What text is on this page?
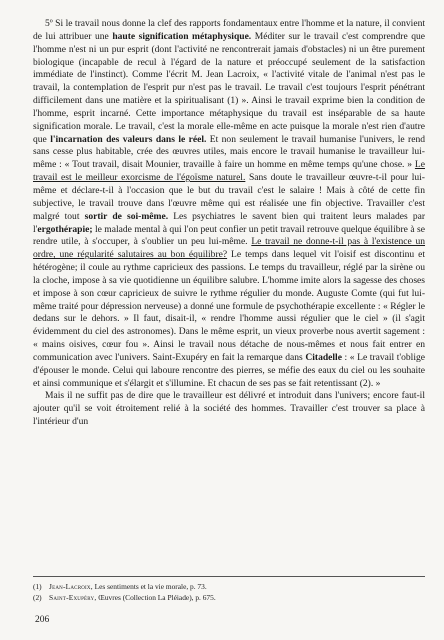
5º Si le travail nous donne la clef des rapports fondamentaux entre l'homme et la nature, il convient de lui attribuer une haute signification métaphysique. Méditer sur le travail c'est comprendre que l'homme n'est ni un pur esprit (dont l'activité ne rencontrerait jamais d'obstacles) ni un être purement biologique (incapable de recul à l'égard de la nature et préoccupé seulement de la satisfaction immédiate de l'instinct). Comme l'écrit M. Jean Lacroix, « l'activité vitale de l'animal n'est pas le travail, la contemplation de l'esprit pur n'est pas le travail. Le travail c'est toujours l'esprit pénétrant difficilement dans une matière et la spiritualisant (1) ». Ainsi le travail exprime bien la condition de l'homme, esprit incarné. Cette importance métaphysique du travail est inséparable de sa haute signification morale. Le travail, c'est la morale elle-même en acte puisque la morale n'est rien d'autre que l'incarnation des valeurs dans le réel. Et non seulement le travail humanise l'univers, le rend sans cesse plus habitable, crée des œuvres utiles, mais encore le travail humanise le travailleur lui-même : « Tout travail, disait Mounier, travaille à faire un homme en même temps qu'une chose. » Le travail est le meilleur exorcisme de l'égoïsme naturel. Sans doute le travailleur œuvre-t-il pour lui-même et déclare-t-il à l'occasion que le but du travail c'est le salaire ! Mais à côté de cette fin subjective, le travail trouve dans l'œuvre même qui est réalisée une fin objective. Travailler c'est malgré tout sortir de soi-même. Les psychiatres le savent bien qui traitent leurs malades par l'ergothérapie; le malade mental à qui l'on peut confier un petit travail retrouve quelque équilibre à se rendre utile, à s'occuper, à s'oublier un peu lui-même. Le travail ne donne-t-il pas à l'existence un ordre, une régularité salutaires au bon équilibre? Le temps dans lequel vit l'oisif est discontinu et hétérogène; il coule au rythme capricieux des passions. Le temps du travailleur, réglé par la sirène ou la cloche, impose à sa vie quotidienne un équilibre salubre. L'homme imite alors la sagesse des choses et impose à son cœur capricieux de suivre le rythme régulier du monde. Auguste Comte (qui fut lui-même traité pour dépression nerveuse) a donné une formule de psychothérapie excellente : « Régler le dedans sur le dehors. » Il faut, disait-il, « rendre l'homme aussi régulier que le ciel » (il s'agit évidemment du ciel des astronomes). Dans le même esprit, un vieux proverbe nous avertit sagement : « mains oisives, cœur fou ». Ainsi le travail nous détache de nous-mêmes et nous fait entrer en communication avec l'univers. Saint-Exupéry en fait la remarque dans Citadelle : « Le travail t'oblige d'épouser le monde. Celui qui laboure rencontre des pierres, se méfie des eaux du ciel ou les souhaite et ainsi communique et s'élargit et s'illumine. Et chacun de ses pas se fait retentissant (2). »

Mais il ne suffit pas de dire que le travailleur est délivré et introduit dans l'univers; encore faut-il ajouter qu'il se voit étroitement relié à la société des hommes. Travailler c'est trouver sa place à l'intérieur d'un

(1)  Jean-Lacroix, Les sentiments et la vie morale, p. 73.

(2)  Saint-Exupéry, Œuvres (Collection La Pléiade), p. 675.

206
